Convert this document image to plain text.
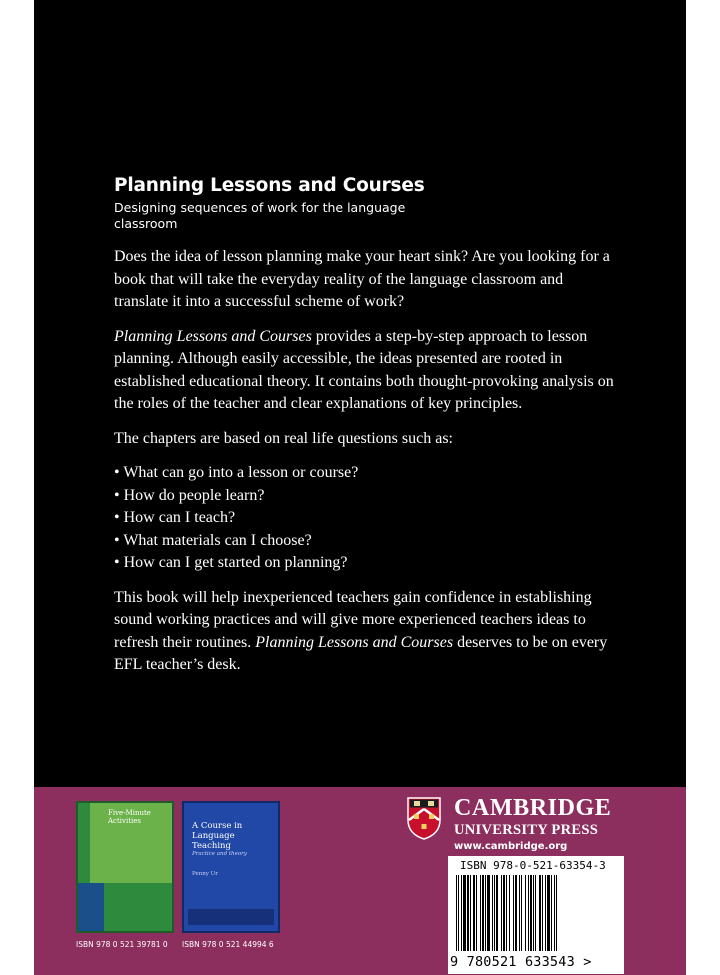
Planning Lessons and Courses
Designing sequences of work for the language classroom

Does the idea of lesson planning make your heart sink? Are you looking for a book that will take the everyday reality of the language classroom and translate it into a successful scheme of work?

Planning Lessons and Courses provides a step-by-step approach to lesson planning. Although easily accessible, the ideas presented are rooted in established educational theory. It contains both thought-provoking analysis on the roles of the teacher and clear explanations of key principles.

The chapters are based on real life questions such as:

• What can go into a lesson or course?
• How do people learn?
• How can I teach?
• What materials can I choose?
• How can I get started on planning?

This book will help inexperienced teachers gain confidence in establishing sound working practices and will give more experienced teachers ideas to refresh their routines. Planning Lessons and Courses deserves to be on every EFL teacher’s desk.

Five-Minute Activities	A Course in Language Teaching
Practice and theory
Penny Ur
ISBN 978 0 521 39781 0 ISBN 978 0 521 44994 6
CAMBRIDGE
UNIVERSITY PRESS
www.cambridge.org
ISBN 978-0-521-63354-3
9 780521 633543 >
